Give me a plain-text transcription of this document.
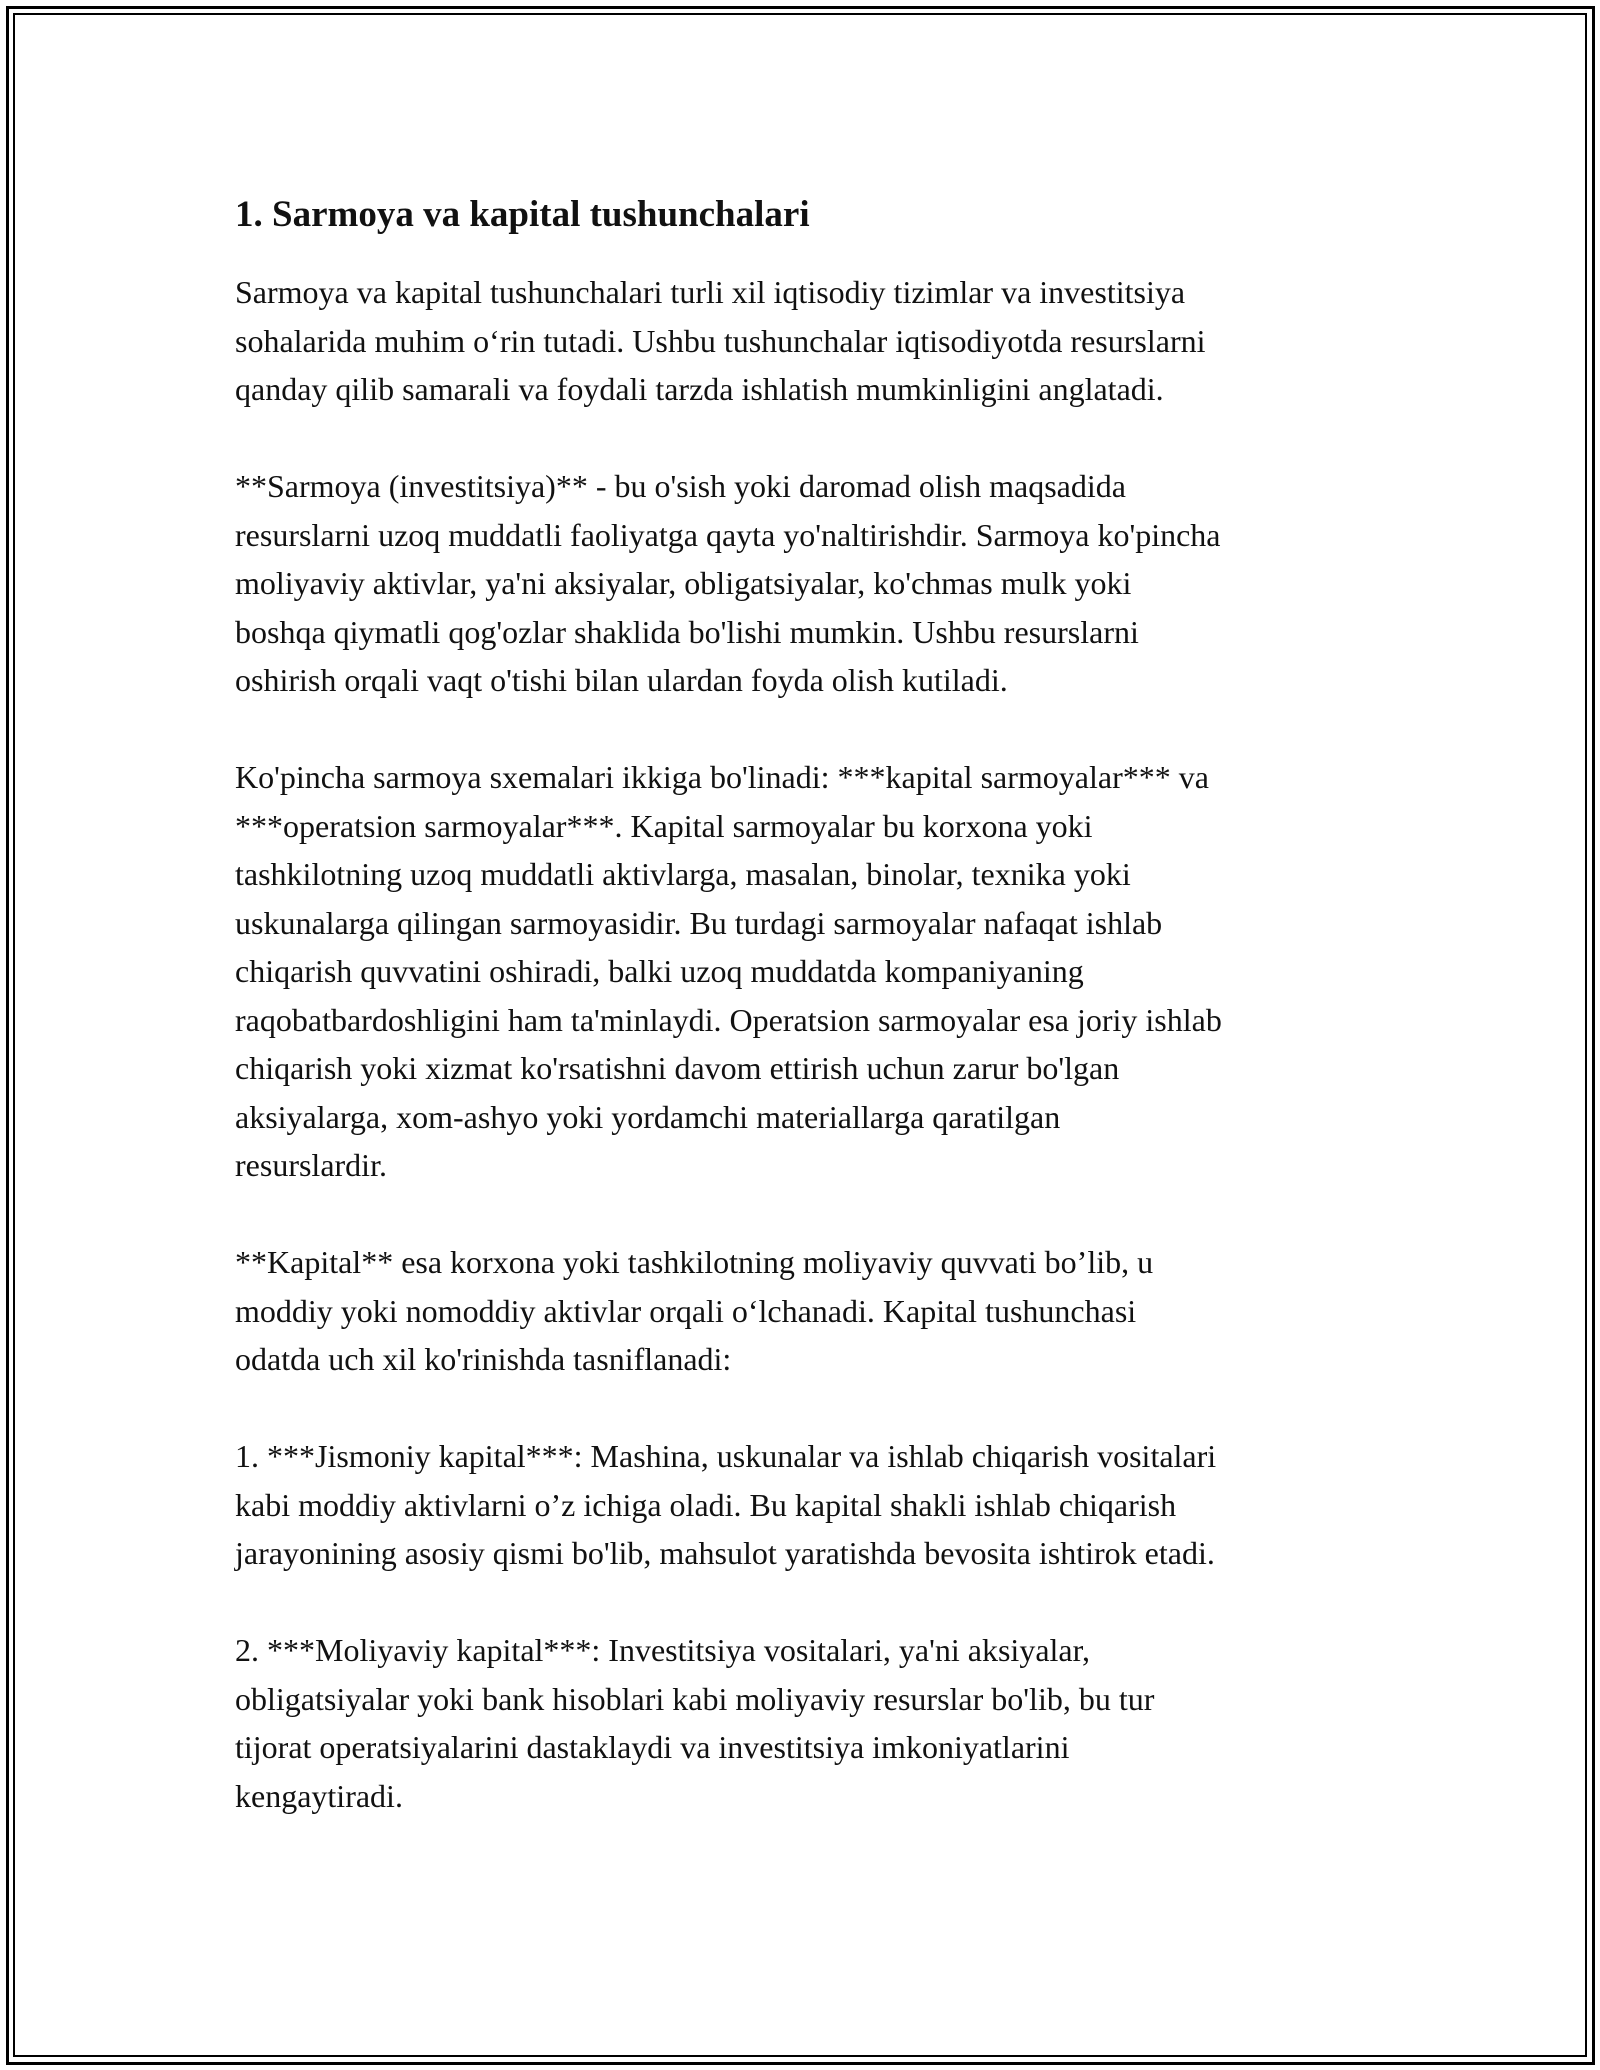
1. Sarmoya va kapital tushunchalari

Sarmoya va kapital tushunchalari turli xil iqtisodiy tizimlar va investitsiya
sohalarida muhim oʻrin tutadi. Ushbu tushunchalar iqtisodiyotda resurslarni
qanday qilib samarali va foydali tarzda ishlatish mumkinligini anglatadi.

**Sarmoya (investitsiya)** - bu o'sish yoki daromad olish maqsadida
resurslarni uzoq muddatli faoliyatga qayta yo'naltirishdir. Sarmoya ko'pincha
moliyaviy aktivlar, ya'ni aksiyalar, obligatsiyalar, ko'chmas mulk yoki
boshqa qiymatli qog'ozlar shaklida bo'lishi mumkin. Ushbu resurslarni
oshirish orqali vaqt o'tishi bilan ulardan foyda olish kutiladi.

Ko'pincha sarmoya sxemalari ikkiga bo'linadi: ***kapital sarmoyalar*** va
***operatsion sarmoyalar***. Kapital sarmoyalar bu korxona yoki
tashkilotning uzoq muddatli aktivlarga, masalan, binolar, texnika yoki
uskunalarga qilingan sarmoyasidir. Bu turdagi sarmoyalar nafaqat ishlab
chiqarish quvvatini oshiradi, balki uzoq muddatda kompaniyaning
raqobatbardoshligini ham ta'minlaydi. Operatsion sarmoyalar esa joriy ishlab
chiqarish yoki xizmat ko'rsatishni davom ettirish uchun zarur bo'lgan
aksiyalarga, xom-ashyo yoki yordamchi materiallarga qaratilgan
resurslardir.

**Kapital** esa korxona yoki tashkilotning moliyaviy quvvati bo’lib, u
moddiy yoki nomoddiy aktivlar orqali oʻlchanadi. Kapital tushunchasi
odatda uch xil ko'rinishda tasniflanadi:

1. ***Jismoniy kapital***: Mashina, uskunalar va ishlab chiqarish vositalari
kabi moddiy aktivlarni o’z ichiga oladi. Bu kapital shakli ishlab chiqarish
jarayonining asosiy qismi bo'lib, mahsulot yaratishda bevosita ishtirok etadi.

2. ***Moliyaviy kapital***: Investitsiya vositalari, ya'ni aksiyalar,
obligatsiyalar yoki bank hisoblari kabi moliyaviy resurslar bo'lib, bu tur
tijorat operatsiyalarini dastaklaydi va investitsiya imkoniyatlarini
kengaytiradi.
